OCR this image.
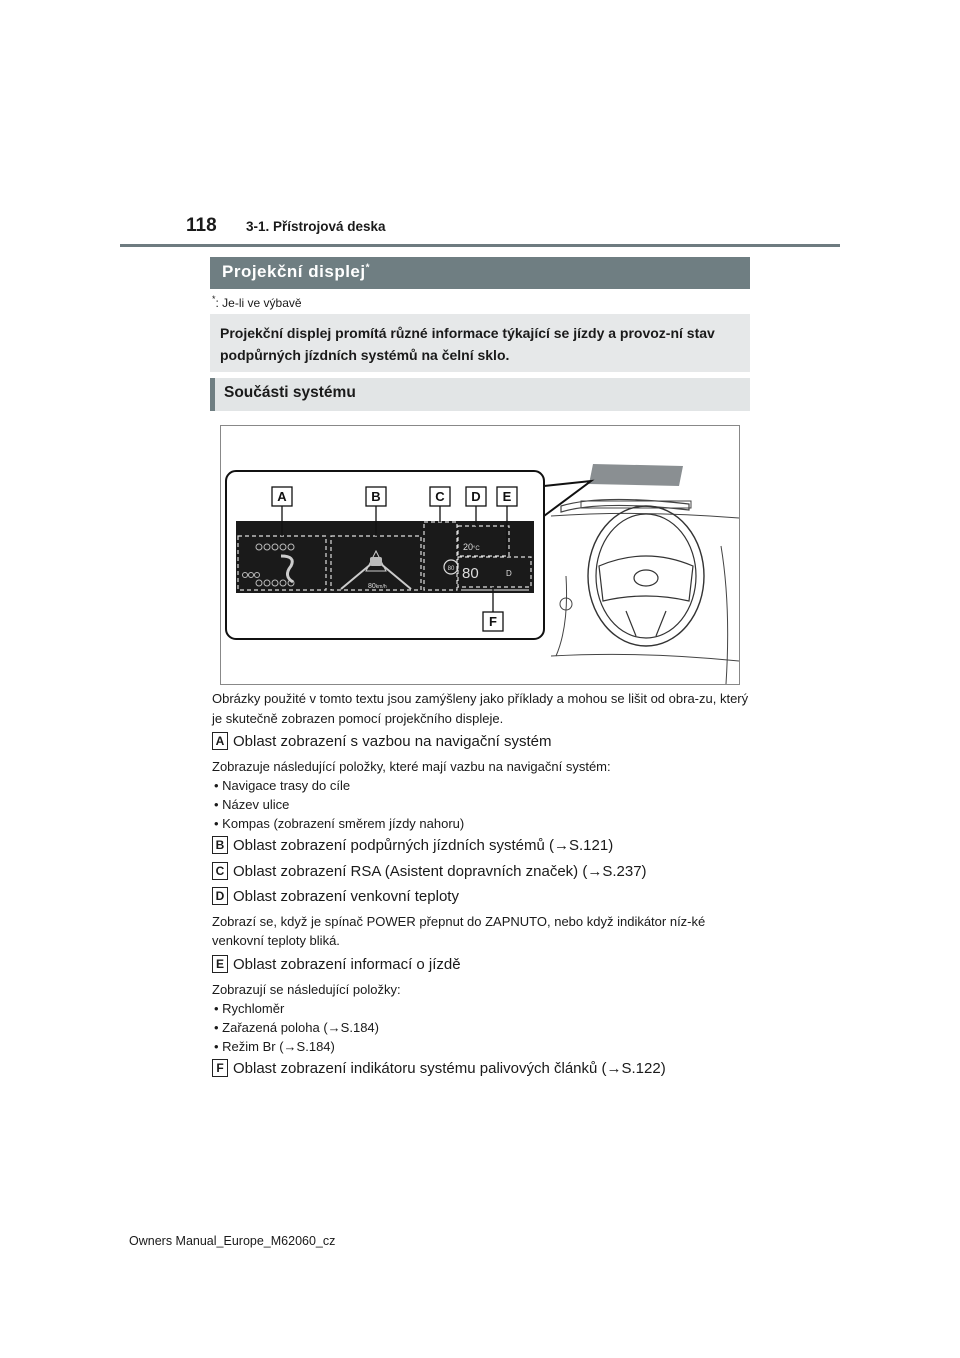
118 3-1. Přístrojová deska
Projekční displej*
*: Je-li ve výbavě

Projekční displej promítá různé informace týkající se jízdy a provoz-ní stav podpůrných jízdních systémů na čelní sklo.

Součásti systému
A	B	C D E
F
20°C
80	D
80km/h
80
Obrázky použité v tomto textu jsou zamýšleny jako příklady a mohou se lišit od obra-zu, který je skutečně zobrazen pomocí projekčního displeje.
A Oblast zobrazení s vazbou na navigační systém
Zobrazuje následující položky, které mají vazbu na navigační systém:
• Navigace trasy do cíle
• Název ulice
• Kompas (zobrazení směrem jízdy nahoru)
B Oblast zobrazení podpůrných jízdních systémů (→S.121)
C Oblast zobrazení RSA (Asistent dopravních značek) (→S.237)
D Oblast zobrazení venkovní teploty
Zobrazí se, když je spínač POWER přepnut do ZAPNUTO, nebo když indikátor níz-ké venkovní teploty bliká.
E Oblast zobrazení informací o jízdě
Zobrazují se následující položky:
• Rychloměr
• Zařazená poloha (→S.184)
• Režim Br (→S.184)
F Oblast zobrazení indikátoru systému palivových článků (→S.122)
Owners Manual_Europe_M62060_cz
